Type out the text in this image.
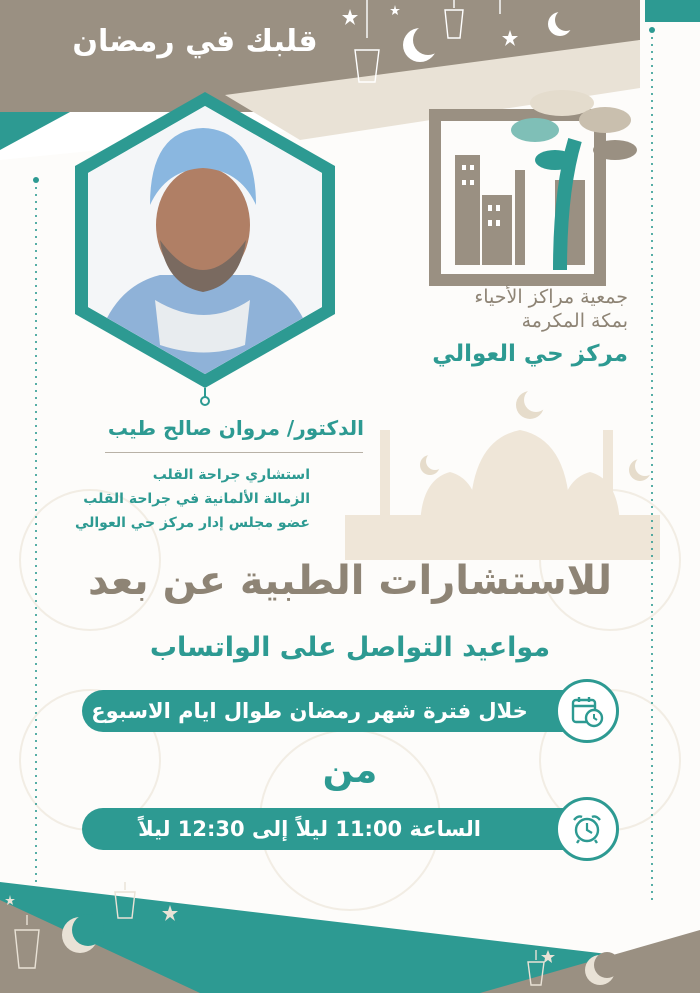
قلبك في رمضان
جمعية مراكز الأحياء
بمكة المكرمة
مركز حي العوالي
الدكتور/ مروان صالح طيب
استشاري جراحة القلب
الزمالة الألمانية في جراحة القلب
عضو مجلس إدار مركز حي العوالي
للاستشارات الطبية عن بعد
مواعيد التواصل على الواتساب
خلال فترة شهر رمضان طوال ايام الاسبوع
من
الساعة 11:00 ليلاً إلى 12:30 ليلاً
